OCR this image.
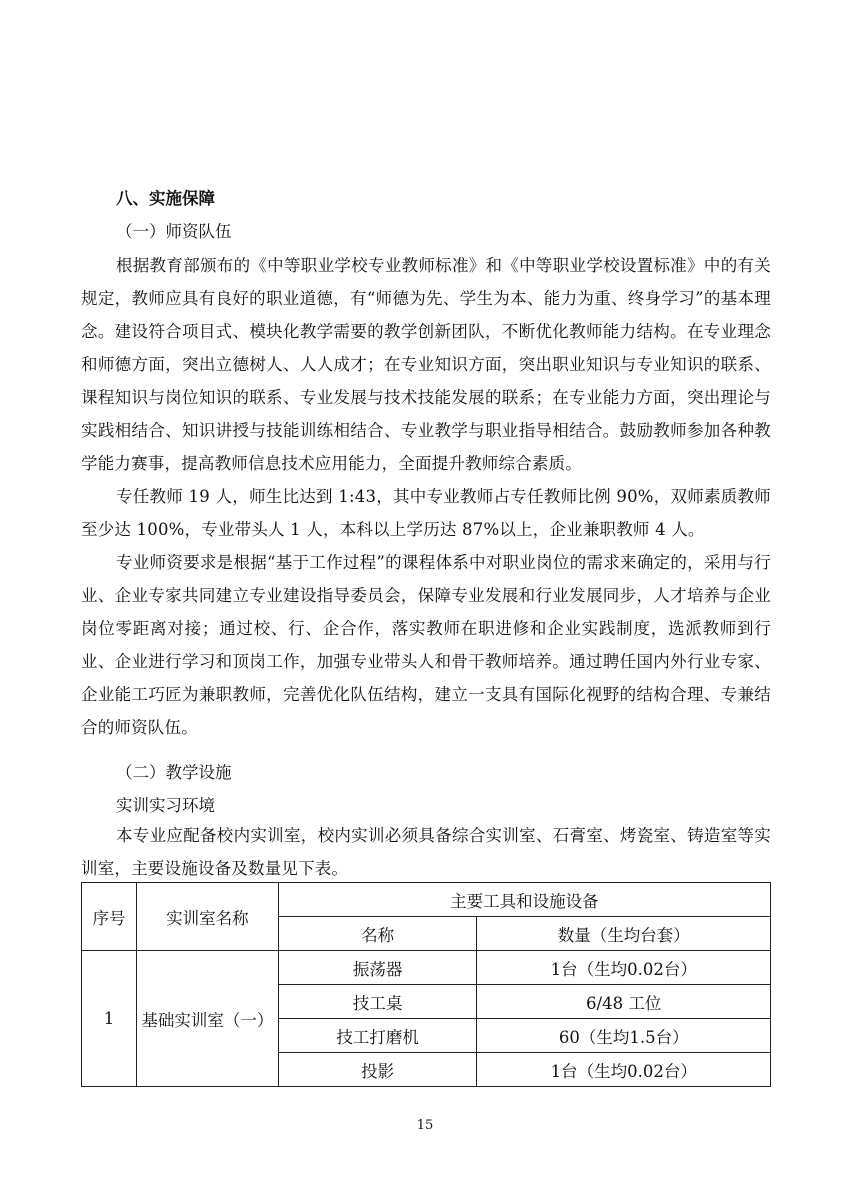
八、实施保障
（一）师资队伍

根据教育部颁布的《中等职业学校专业教师标准》和《中等职业学校设置标准》中的有关规定，教师应具有良好的职业道德，有“师德为先、学生为本、能力为重、终身学习”的基本理念。建设符合项目式、模块化教学需要的教学创新团队，不断优化教师能力结构。在专业理念和师德方面，突出立德树人、人人成才；在专业知识方面，突出职业知识与专业知识的联系、课程知识与岗位知识的联系、专业发展与技术技能发展的联系；在专业能力方面，突出理论与实践相结合、知识讲授与技能训练相结合、专业教学与职业指导相结合。鼓励教师参加各种教学能力赛事，提高教师信息技术应用能力，全面提升教师综合素质。

专任教师 19 人，师生比达到 1:43，其中专业教师占专任教师比例 90%，双师素质教师至少达 100%，专业带头人 1 人，本科以上学历达 87%以上，企业兼职教师 4 人。

专业师资要求是根据“基于工作过程”的课程体系中对职业岗位的需求来确定的，采用与行业、企业专家共同建立专业建设指导委员会，保障专业发展和行业发展同步，人才培养与企业岗位零距离对接；通过校、行、企合作，落实教师在职进修和企业实践制度，选派教师到行业、企业进行学习和顶岗工作，加强专业带头人和骨干教师培养。通过聘任国内外行业专家、企业能工巧匠为兼职教师，完善优化队伍结构，建立一支具有国际化视野的结构合理、专兼结合的师资队伍。

（二）教学设施
实训实习环境

本专业应配备校内实训室，校内实训必须具备综合实训室、石膏室、烤瓷室、铸造室等实训室，主要设施设备及数量见下表。

序号	实训室名称	主要工具和设施设备	
		名称	数量（生均台套）
1	基础实训室（一）	振荡器	1台（生均0.02台）
		技工桌	6/48 工位
		技工打磨机	60（生均1.5台）
		投影	1台（生均0.02台）
15
